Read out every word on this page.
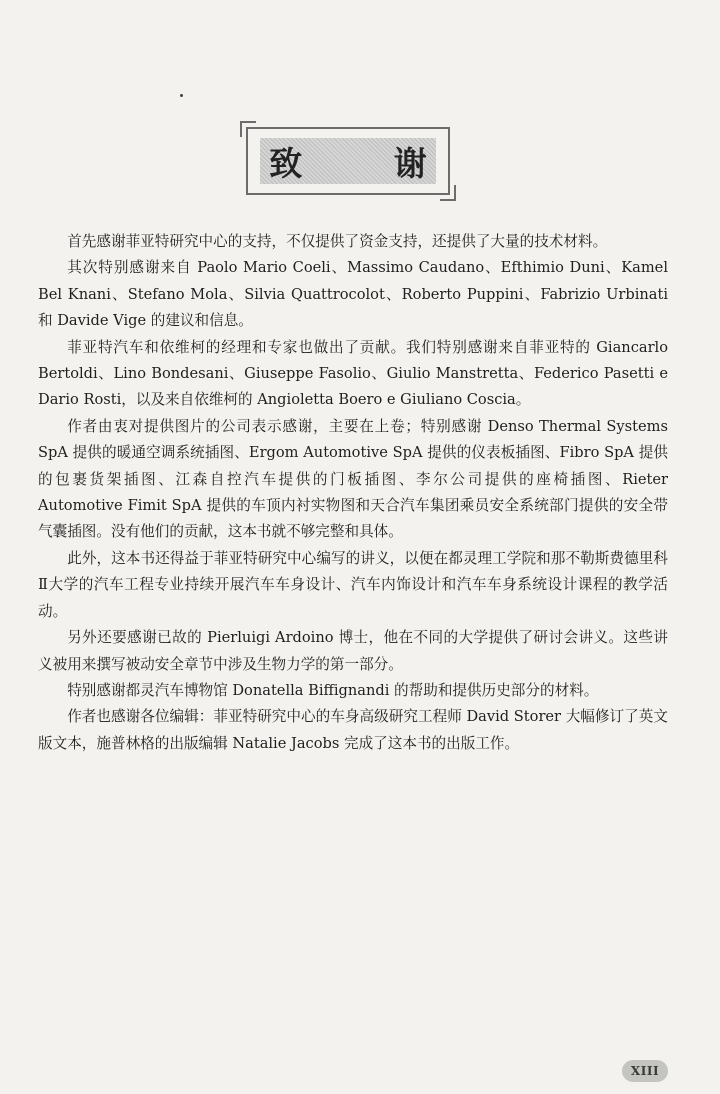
致 谢

首先感谢菲亚特研究中心的支持，不仅提供了资金支持，还提供了大量的技术材料。

其次特别感谢来自 Paolo Mario Coeli、Massimo Caudano、Efthimio Duni、Kamel Bel Knani、Stefano Mola、Silvia Quattrocolot、Roberto Puppini、Fabrizio Urbinati 和 Davide Vige 的建议和信息。

菲亚特汽车和依维柯的经理和专家也做出了贡献。我们特别感谢来自菲亚特的 Giancarlo Bertoldi、Lino Bondesani、Giuseppe Fasolio、Giulio Manstretta、Federico Pasetti e Dario Rosti，以及来自依维柯的 Angioletta Boero e Giuliano Coscia。

作者由衷对提供图片的公司表示感谢，主要在上卷；特别感谢 Denso Thermal Systems SpA 提供的暖通空调系统插图、Ergom Automotive SpA 提供的仪表板插图、Fibro SpA 提供的包裹货架插图、江森自控汽车提供的门板插图、李尔公司提供的座椅插图、Rieter Automotive Fimit SpA 提供的车顶内衬实物图和天合汽车集团乘员安全系统部门提供的安全带气囊插图。没有他们的贡献，这本书就不够完整和具体。

此外，这本书还得益于菲亚特研究中心编写的讲义，以便在都灵理工学院和那不勒斯费德里科Ⅱ大学的汽车工程专业持续开展汽车车身设计、汽车内饰设计和汽车车身系统设计课程的教学活动。

另外还要感谢已故的 Pierluigi Ardoino 博士，他在不同的大学提供了研讨会讲义。这些讲义被用来撰写被动安全章节中涉及生物力学的第一部分。

特别感谢都灵汽车博物馆 Donatella Biffignandi 的帮助和提供历史部分的材料。

作者也感谢各位编辑：菲亚特研究中心的车身高级研究工程师 David Storer 大幅修订了英文版文本，施普林格的出版编辑 Natalie Jacobs 完成了这本书的出版工作。

XIII
